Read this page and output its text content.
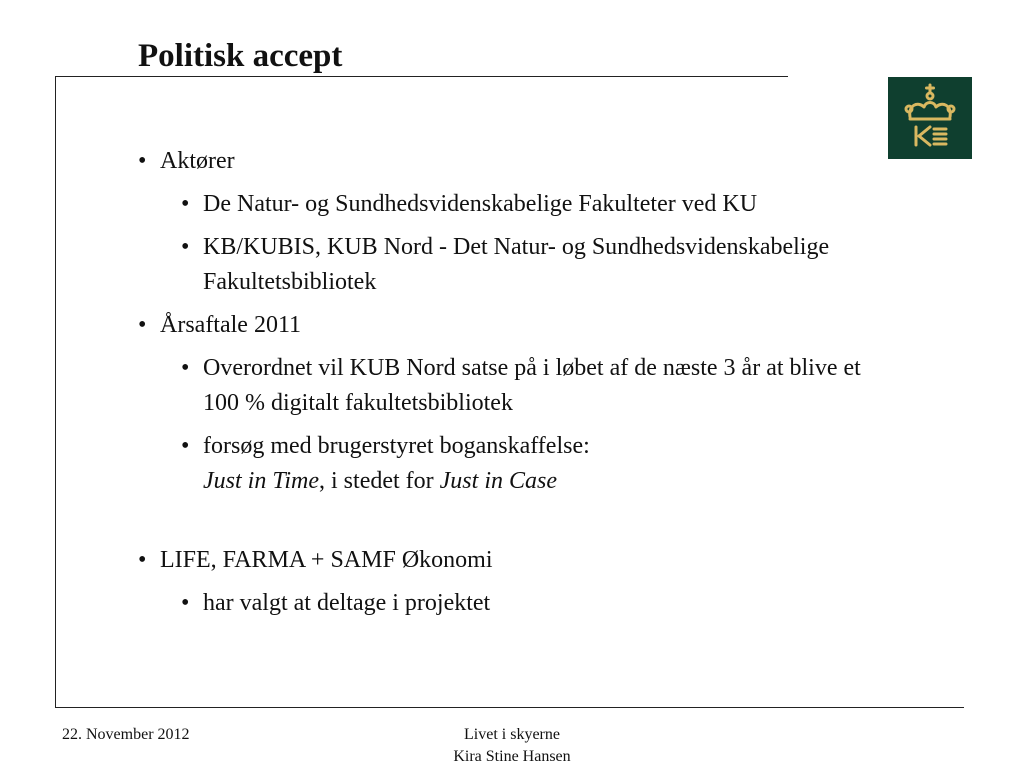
Politisk accept

• Aktører

• De Natur- og Sundhedsvidenskabelige Fakulteter ved KU

• KB/KUBIS, KUB Nord - Det Natur- og Sundhedsvidenskabelige Fakultetsbibliotek

• Årsaftale 2011

• Overordnet vil KUB Nord satse på i løbet af de næste 3 år at blive et 100 % digitalt fakultetsbibliotek

• forsøg med brugerstyret boganskaffelse:
Just in Time, i stedet for Just in Case

• LIFE, FARMA + SAMF Økonomi

• har valgt at deltage i projektet

22. November 2012	Livet i skyerne
Kira Stine Hansen
